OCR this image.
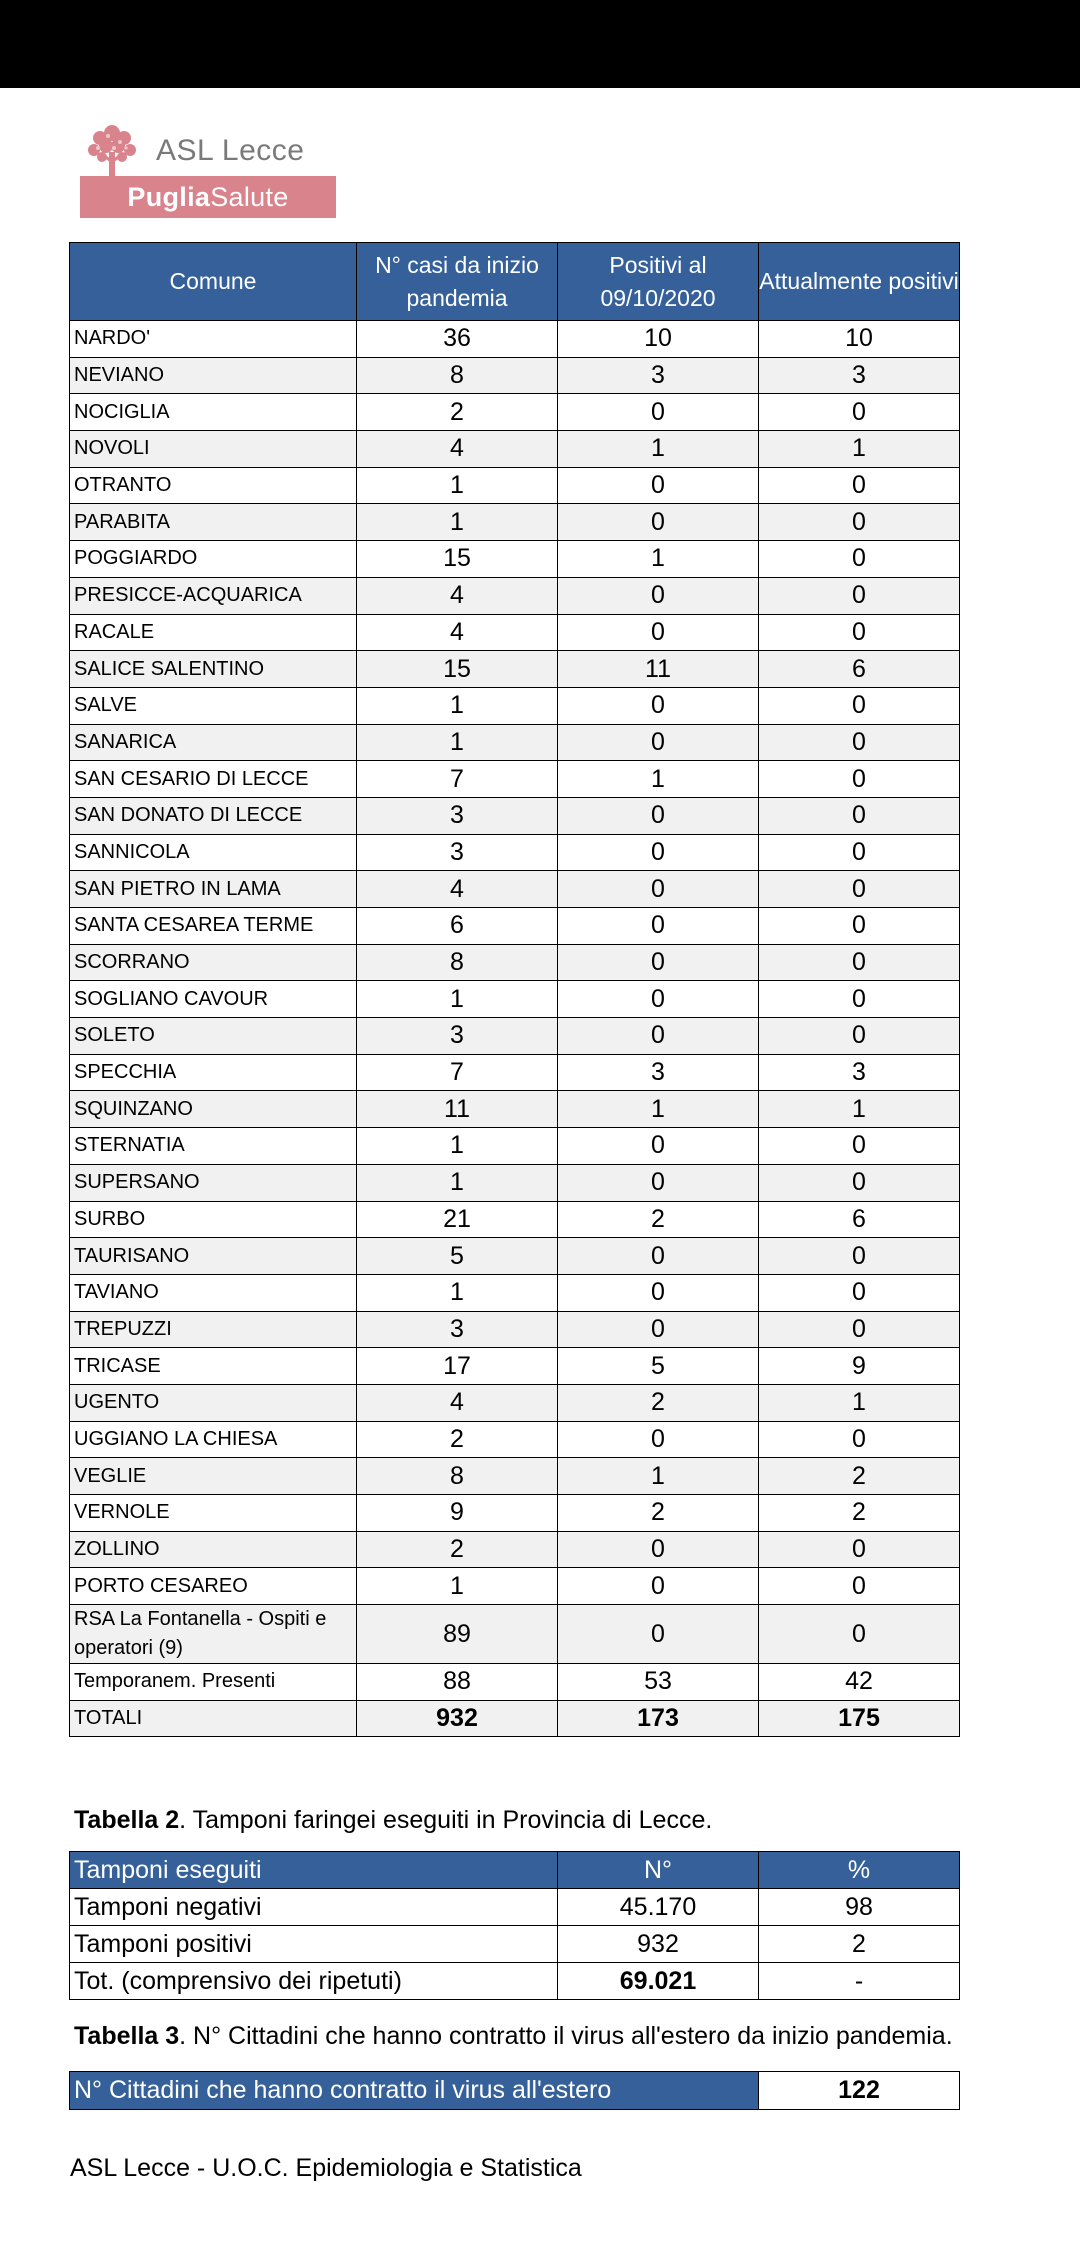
ASL Lecce
PugliaSalute
Comune	N° casi da inizio pandemia	Positivi al 09/10/2020	Attualmente positivi
NARDO'	36	10	10
NEVIANO	8	3	3
NOCIGLIA	2	0	0
NOVOLI	4	1	1
OTRANTO	1	0	0
PARABITA	1	0	0
POGGIARDO	15	1	0
PRESICCE-ACQUARICA	4	0	0
RACALE	4	0	0
SALICE SALENTINO	15	11	6
SALVE	1	0	0
SANARICA	1	0	0
SAN CESARIO DI LECCE	7	1	0
SAN DONATO DI LECCE	3	0	0
SANNICOLA	3	0	0
SAN PIETRO IN LAMA	4	0	0
SANTA CESAREA TERME	6	0	0
SCORRANO	8	0	0
SOGLIANO CAVOUR	1	0	0
SOLETO	3	0	0
SPECCHIA	7	3	3
SQUINZANO	11	1	1
STERNATIA	1	0	0
SUPERSANO	1	0	0
SURBO	21	2	6
TAURISANO	5	0	0
TAVIANO	1	0	0
TREPUZZI	3	0	0
TRICASE	17	5	9
UGENTO	4	2	1
UGGIANO LA CHIESA	2	0	0
VEGLIE	8	1	2
VERNOLE	9	2	2
ZOLLINO	2	0	0
PORTO CESAREO	1	0	0
RSA La Fontanella - Ospiti e operatori (9)	89	0	0
Temporanem. Presenti	88	53	42
TOTALI	932	173	175
Tabella 2. Tamponi faringei eseguiti in Provincia di Lecce.
Tamponi eseguiti	N°	%
Tamponi negativi	45.170	98
Tamponi positivi	932	2
Tot. (comprensivo dei ripetuti)	69.021	-
Tabella 3. N° Cittadini che hanno contratto il virus all'estero da inizio pandemia.
N° Cittadini che hanno contratto il virus all'estero	122
ASL Lecce - U.O.C. Epidemiologia e Statistica
